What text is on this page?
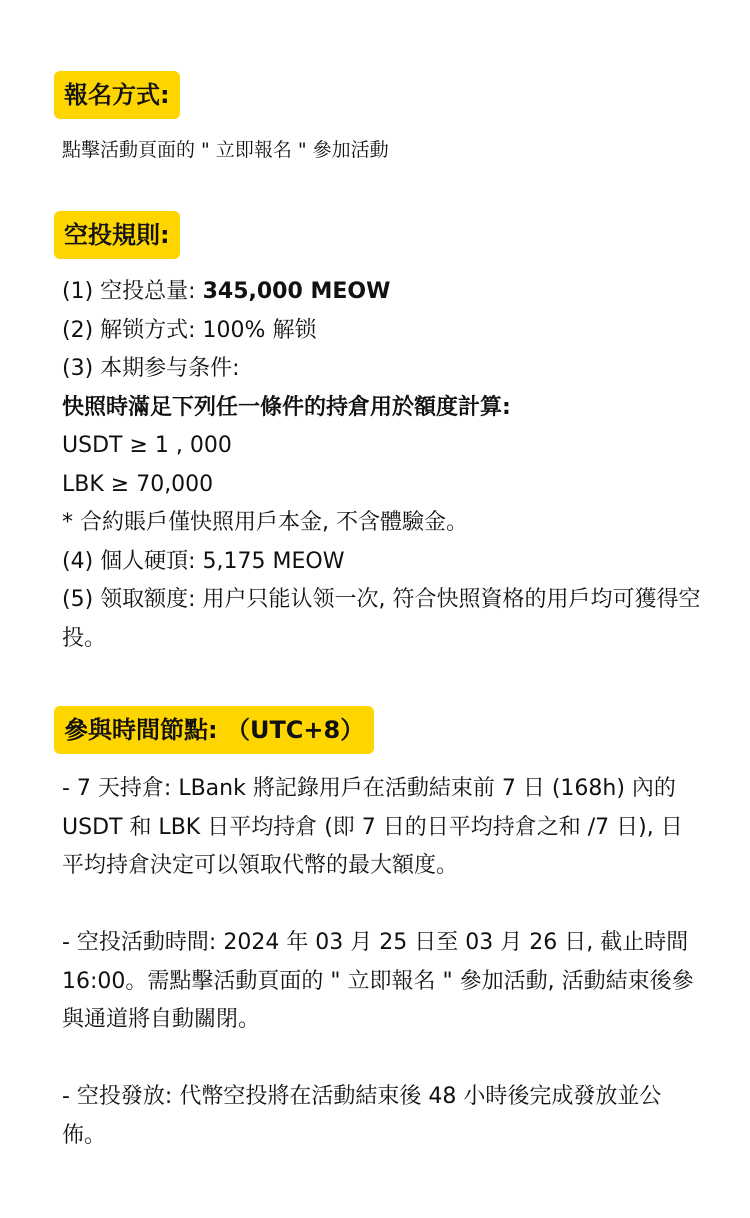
報名方式:
點擊活動頁面的 " 立即報名 " 參加活動
空投規則:
(1) 空投总量: 345,000 MEOW
(2) 解锁方式: 100% 解锁
(3) 本期参与条件:
快照時滿足下列任一條件的持倉用於額度計算:
USDT ≥ 1 , 000
LBK ≥ 70,000
* 合約賬戶僅快照用戶本金, 不含體驗金。
(4) 個人硬頂: 5,175 MEOW
(5) 领取额度: 用户只能认领一次, 符合快照資格的用戶均可獲得空投。
參與時間節點: （UTC+8）
- 7 天持倉: LBank 將記錄用戶在活動結束前 7 日 (168h) 內的 USDT 和 LBK 日平均持倉 (即 7 日的日平均持倉之和 /7 日), 日平均持倉決定可以領取代幣的最大額度。
- 空投活動時間: 2024 年 03 月 25 日至 03 月 26 日, 截止時間 16:00。需點擊活動頁面的 " 立即報名 " 參加活動, 活動結束後參與通道將自動關閉。
- 空投發放: 代幣空投將在活動結束後 48 小時後完成發放並公佈。
